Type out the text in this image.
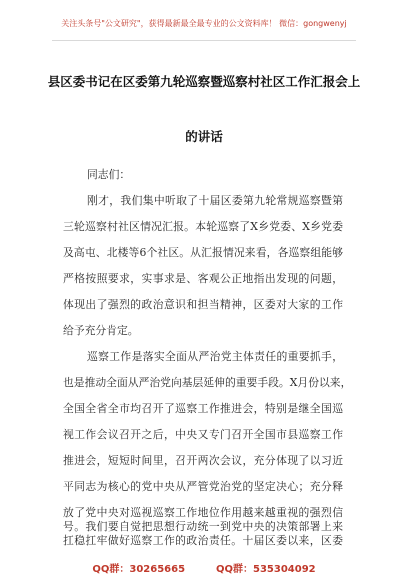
关注头条号"公文研究"，获得最新最全最专业的公文资料库！ 微信：gongwenyj
县区委书记在区委第九轮巡察暨巡察村社区工作汇报会上
的讲话
同志们：
刚才，我们集中听取了十届区委第九轮常规巡察暨第
三轮巡察村社区情况汇报。本轮巡察了X乡党委、X乡党委
及高屯、北楼等6个社区。从汇报情况来看，各巡察组能够
严格按照要求，实事求是、客观公正地指出发现的问题，
体现出了强烈的政治意识和担当精神，区委对大家的工作
给予充分肯定。
巡察工作是落实全面从严治党主体责任的重要抓手，
也是推动全面从严治党向基层延伸的重要手段。X月份以来，
全国全省全市均召开了巡察工作推进会，特别是继全国巡
视工作会议召开之后，中央又专门召开全国市县巡察工作
推进会，短短时间里，召开两次会议，充分体现了以习近
平同志为核心的党中央从严管党治党的坚定决心；充分释
放了党中央对巡视巡察工作地位作用越来越重视的强烈信
号。我们要自觉把思想行动统一到党中央的决策部署上来
扛稳扛牢做好巡察工作的政治责任。十届区委以来，区委
QQ群：30265665	QQ群：535304092
